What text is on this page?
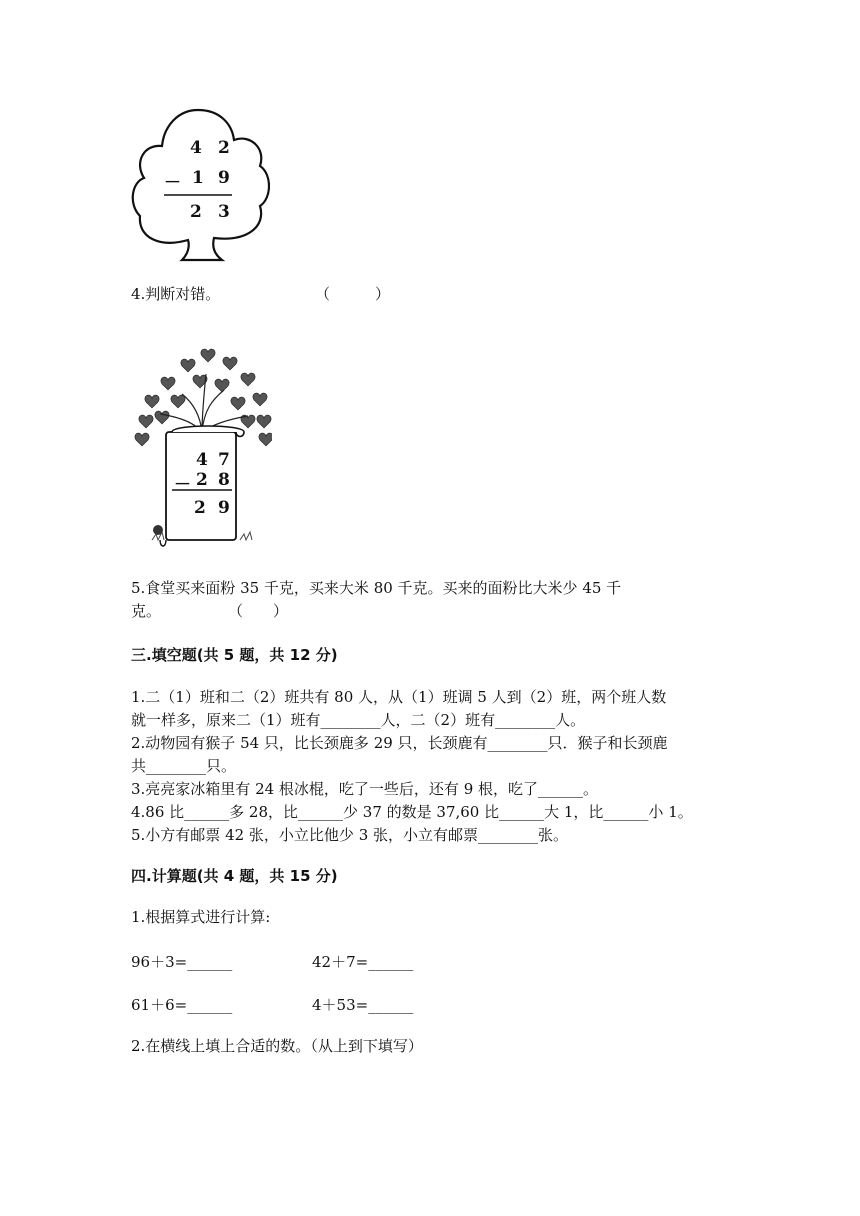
4 2
－ 1 9
2 3
4.判断对错。	（　　　）
4 7
－ 2 8
2 9
5.食堂买来面粉 35 千克，买来大米 80 千克。买来的面粉比大米少 45 千
克。	（　　）
三.填空题(共 5 题，共 12 分)
1.二（1）班和二（2）班共有 80 人，从（1）班调 5 人到（2）班，两个班人数
就一样多，原来二（1）班有________人，二（2）班有________人。
2.动物园有猴子 54 只，比长颈鹿多 29 只，长颈鹿有________只．猴子和长颈鹿
共________只。
3.亮亮家冰箱里有 24 根冰棍，吃了一些后，还有 9 根，吃了______。
4.86 比______多 28，比______少 37 的数是 37,60 比______大 1，比______小 1。
5.小方有邮票 42 张，小立比他少 3 张，小立有邮票________张。
四.计算题(共 4 题，共 15 分)
1.根据算式进行计算:
96＋3=______	42＋7=______
61＋6=______	4＋53=______
2.在横线上填上合适的数。（从上到下填写）
